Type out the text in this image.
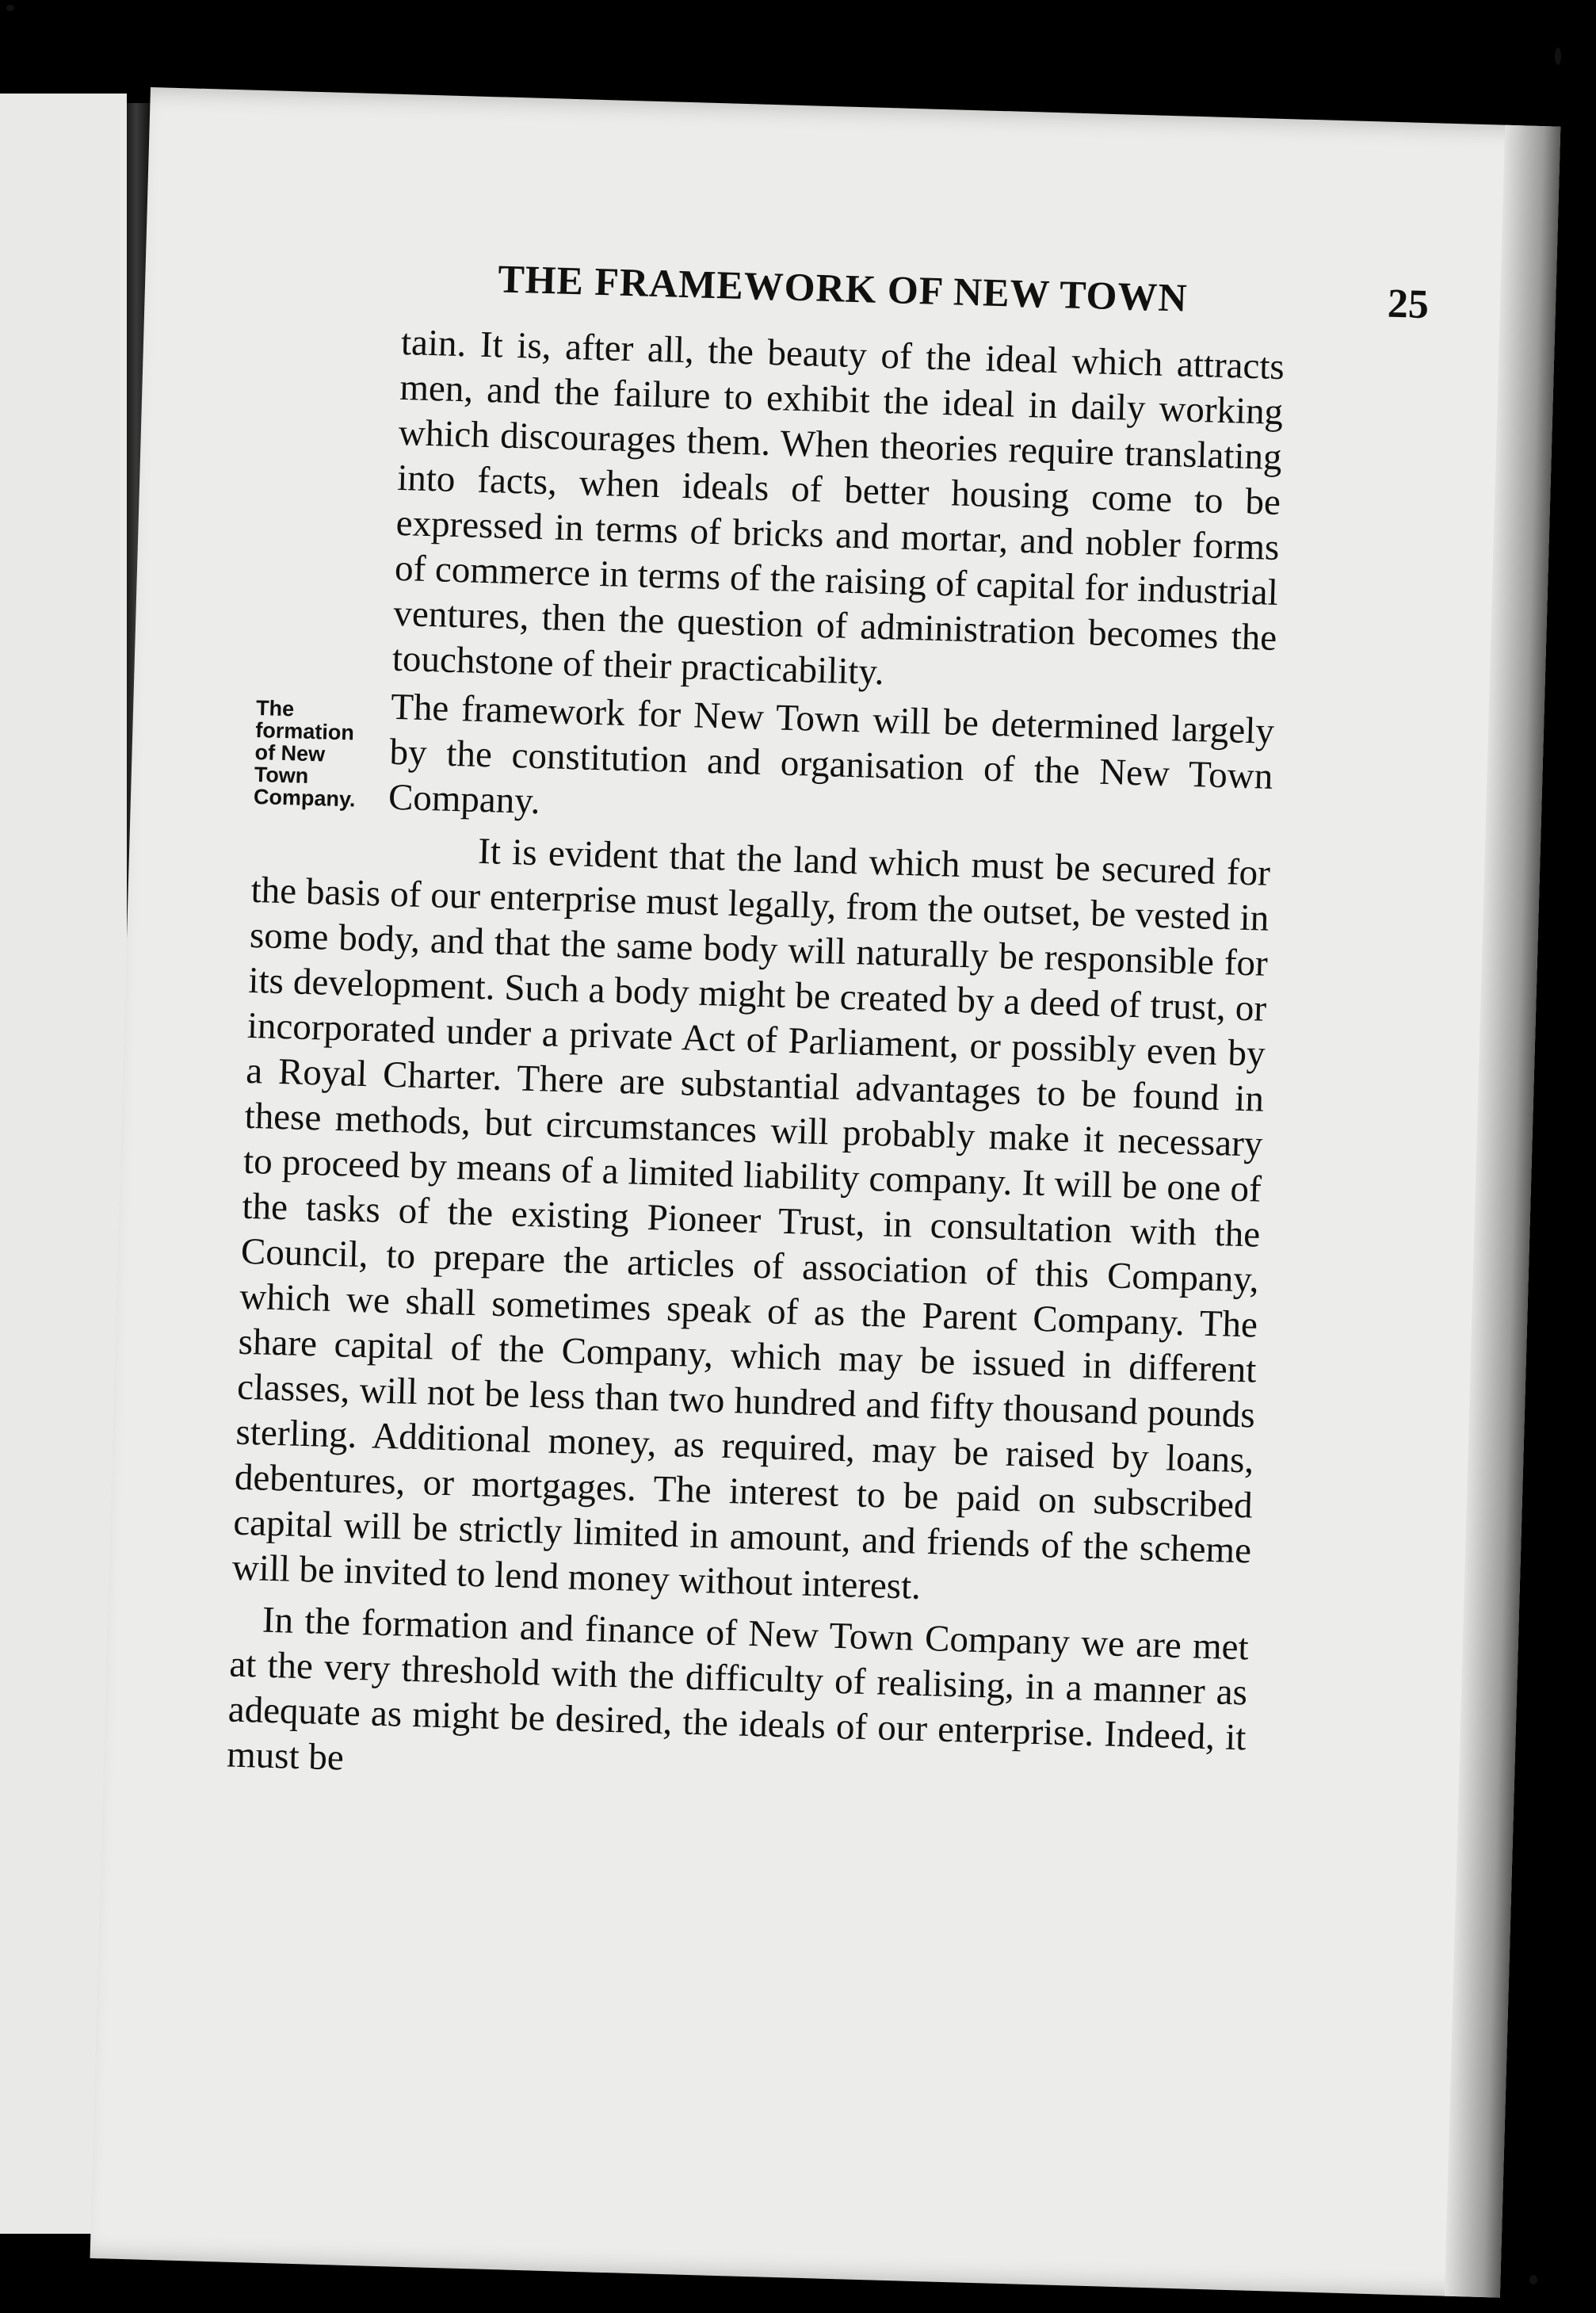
THE FRAMEWORK OF NEW TOWN	25

tain. It is, after all, the beauty of the ideal which attracts men, and the failure to exhibit the ideal in daily working which discourages them. When theories require translating into facts, when ideals of better housing come to be expressed in terms of bricks and mortar, and nobler forms of commerce in terms of the raising of capital for industrial ventures, then the question of administration becomes the touchstone of their practicability.

The formation of New Town Company.

The framework for New Town will be determined largely by the constitution and organisation of the New Town Company.

It is evident that the land which must be secured for the basis of our enterprise must legally, from the outset, be vested in some body, and that the same body will naturally be responsible for its development. Such a body might be created by a deed of trust, or incorporated under a private Act of Parliament, or possibly even by a Royal Charter. There are substantial advantages to be found in these methods, but circumstances will probably make it necessary to proceed by means of a limited liability company. It will be one of the tasks of the existing Pioneer Trust, in consultation with the Council, to prepare the articles of association of this Company, which we shall sometimes speak of as the Parent Company. The share capital of the Company, which may be issued in different classes, will not be less than two hundred and fifty thousand pounds sterling. Additional money, as required, may be raised by loans, debentures, or mortgages. The interest to be paid on subscribed capital will be strictly limited in amount, and friends of the scheme will be invited to lend money without interest.

In the formation and finance of New Town Company we are met at the very threshold with the difficulty of realising, in a manner as adequate as might be desired, the ideals of our enterprise. Indeed, it must be
